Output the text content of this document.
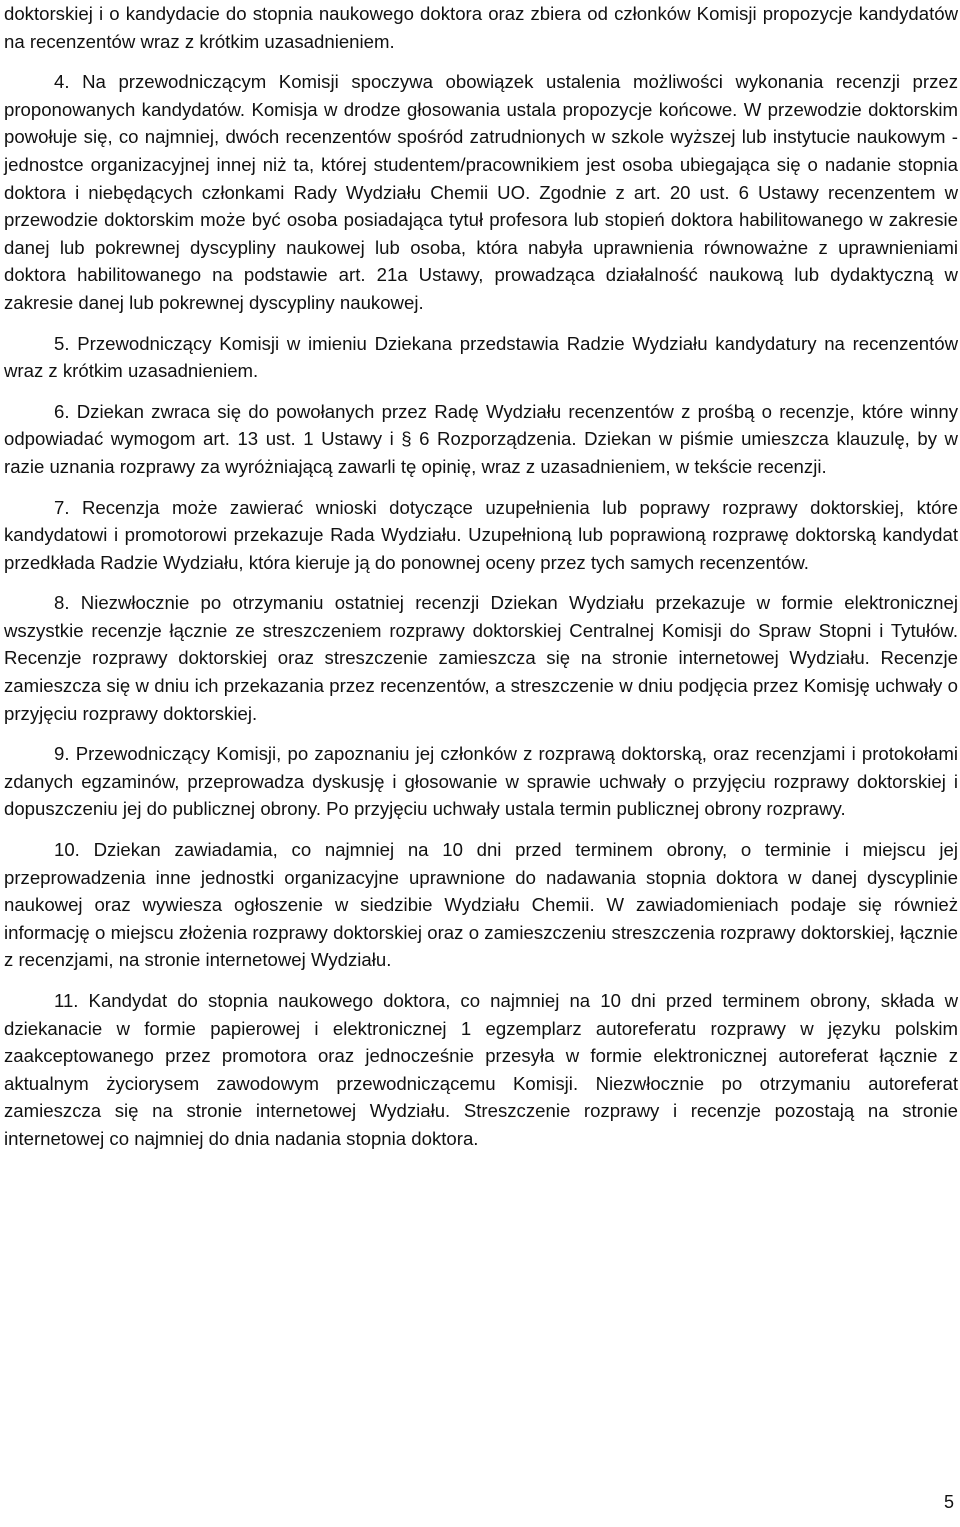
doktorskiej i o kandydacie do stopnia naukowego doktora oraz zbiera od członków Komisji propozycje kandydatów na recenzentów wraz z krótkim uzasadnieniem.

4. Na przewodniczącym Komisji spoczywa obowiązek ustalenia możliwości wykonania recenzji przez proponowanych kandydatów. Komisja w drodze głosowania ustala propozycje końcowe. W przewodzie doktorskim powołuje się, co najmniej, dwóch recenzentów spośród zatrudnionych w szkole wyższej lub instytucie naukowym - jednostce organizacyjnej innej niż ta, której studentem/pracownikiem jest osoba ubiegająca się o nadanie stopnia doktora i niebędących członkami Rady Wydziału Chemii UO. Zgodnie z art. 20 ust. 6 Ustawy recenzentem w przewodzie doktorskim może być osoba posiadająca tytuł profesora lub stopień doktora habilitowanego w zakresie danej lub pokrewnej dyscypliny naukowej lub osoba, która nabyła uprawnienia równoważne z uprawnieniami doktora habilitowanego na podstawie art. 21a Ustawy, prowadząca działalność naukową lub dydaktyczną w zakresie danej lub pokrewnej dyscypliny naukowej.

5. Przewodniczący Komisji w imieniu Dziekana przedstawia Radzie Wydziału kandydatury na recenzentów wraz z krótkim uzasadnieniem.

6. Dziekan zwraca się do powołanych przez Radę Wydziału recenzentów z prośbą o recenzje, które winny odpowiadać wymogom art. 13 ust. 1 Ustawy i § 6 Rozporządzenia. Dziekan w piśmie umieszcza klauzulę, by w razie uznania rozprawy za wyróżniającą zawarli tę opinię, wraz z uzasadnieniem, w tekście recenzji.

7. Recenzja może zawierać wnioski dotyczące uzupełnienia lub poprawy rozprawy doktorskiej, które kandydatowi i promotorowi przekazuje Rada Wydziału. Uzupełnioną lub poprawioną rozprawę doktorską kandydat przedkłada Radzie Wydziału, która kieruje ją do ponownej oceny przez tych samych recenzentów.

8. Niezwłocznie po otrzymaniu ostatniej recenzji Dziekan Wydziału przekazuje w formie elektronicznej wszystkie recenzje łącznie ze streszczeniem rozprawy doktorskiej Centralnej Komisji do Spraw Stopni i Tytułów. Recenzje rozprawy doktorskiej oraz streszczenie zamieszcza się na stronie internetowej Wydziału. Recenzje zamieszcza się w dniu ich przekazania przez recenzentów, a streszczenie w dniu podjęcia przez Komisję uchwały o przyjęciu rozprawy doktorskiej.

9. Przewodniczący Komisji, po zapoznaniu jej członków z rozprawą doktorską, oraz recenzjami i protokołami zdanych egzaminów, przeprowadza dyskusję i głosowanie w sprawie uchwały o przyjęciu rozprawy doktorskiej i dopuszczeniu jej do publicznej obrony. Po przyjęciu uchwały ustala termin publicznej obrony rozprawy.

10. Dziekan zawiadamia, co najmniej na 10 dni przed terminem obrony, o terminie i miejscu jej przeprowadzenia inne jednostki organizacyjne uprawnione do nadawania stopnia doktora w danej dyscyplinie naukowej oraz wywiesza ogłoszenie w siedzibie Wydziału Chemii. W zawiadomieniach podaje się również informację o miejscu złożenia rozprawy doktorskiej oraz o zamieszczeniu streszczenia rozprawy doktorskiej, łącznie z recenzjami, na stronie internetowej Wydziału.

11. Kandydat do stopnia naukowego doktora, co najmniej na 10 dni przed terminem obrony, składa w dziekanacie w formie papierowej i elektronicznej 1 egzemplarz autoreferatu rozprawy w języku polskim zaakceptowanego przez promotora oraz jednocześnie przesyła w formie elektronicznej autoreferat łącznie z aktualnym życiorysem zawodowym przewodniczącemu Komisji. Niezwłocznie po otrzymaniu autoreferat zamieszcza się na stronie internetowej Wydziału. Streszczenie rozprawy i recenzje pozostają na stronie internetowej co najmniej do dnia nadania stopnia doktora.

5
